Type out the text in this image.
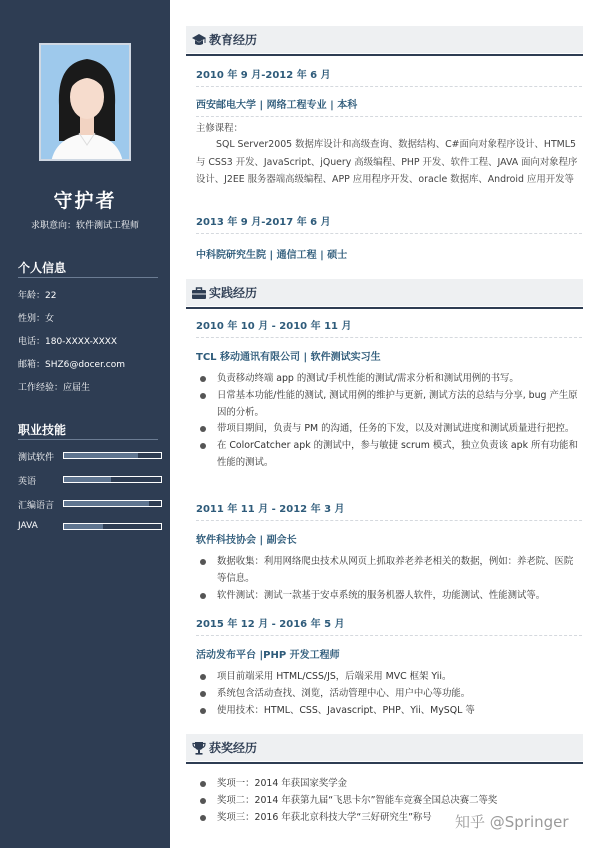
守护者
求职意向：软件测试工程师
个人信息
年龄：22
性别：女
电话：180-XXXX-XXXX
邮箱：SHZ6@docer.com
工作经验：应届生
职业技能
测试软件
英语
汇编语言
JAVA
教育经历
2010 年 9 月-2012 年 6 月
西安邮电大学 | 网络工程专业 | 本科
主修课程：
SQL Server2005 数据库设计和高级查询、数据结构、C#面向对象程序设计、HTML5 与 CSS3 开发、JavaScript、jQuery 高级编程、PHP 开发、软件工程、JAVA 面向对象程序设计、J2EE 服务器端高级编程、APP 应用程序开发、oracle 数据库、Android 应用开发等
2013 年 9 月-2017 年 6 月
中科院研究生院 | 通信工程 | 硕士
实践经历
2010 年 10 月 - 2010 年 11 月
TCL 移动通讯有限公司 | 软件测试实习生
负责移动终端 app 的测试/手机性能的测试/需求分析和测试用例的书写。
日常基本功能/性能的测试, 测试用例的维护与更新, 测试方法的总结与分享, bug 产生原因的分析。
带项目期间，负责与 PM 的沟通，任务的下发，以及对测试进度和测试质量进行把控。
在 ColorCatcher apk 的测试中，参与敏捷 scrum 模式，独立负责该 apk 所有功能和性能的测试。
2011 年 11 月 - 2012 年 3 月
软件科技协会 | 副会长
数据收集：利用网络爬虫技术从网页上抓取养老养老相关的数据，例如：养老院、医院等信息。
软件测试：测试一款基于安卓系统的服务机器人软件，功能测试、性能测试等。
2015 年 12 月 - 2016 年 5 月
活动发布平台 |PHP 开发工程师
项目前端采用 HTML/CSS/JS，后端采用 MVC 框架 Yii。
系统包含活动查找、浏览，活动管理中心、用户中心等功能。
使用技术：HTML、CSS、Javascript、PHP、Yii、MySQL 等
获奖经历
奖项一：2014 年获国家奖学金
奖项二：2014 年获第九届“飞思卡尔”智能车竞赛全国总决赛二等奖
奖项三：2016 年获北京科技大学“三好研究生”称号	知乎 @Springer
